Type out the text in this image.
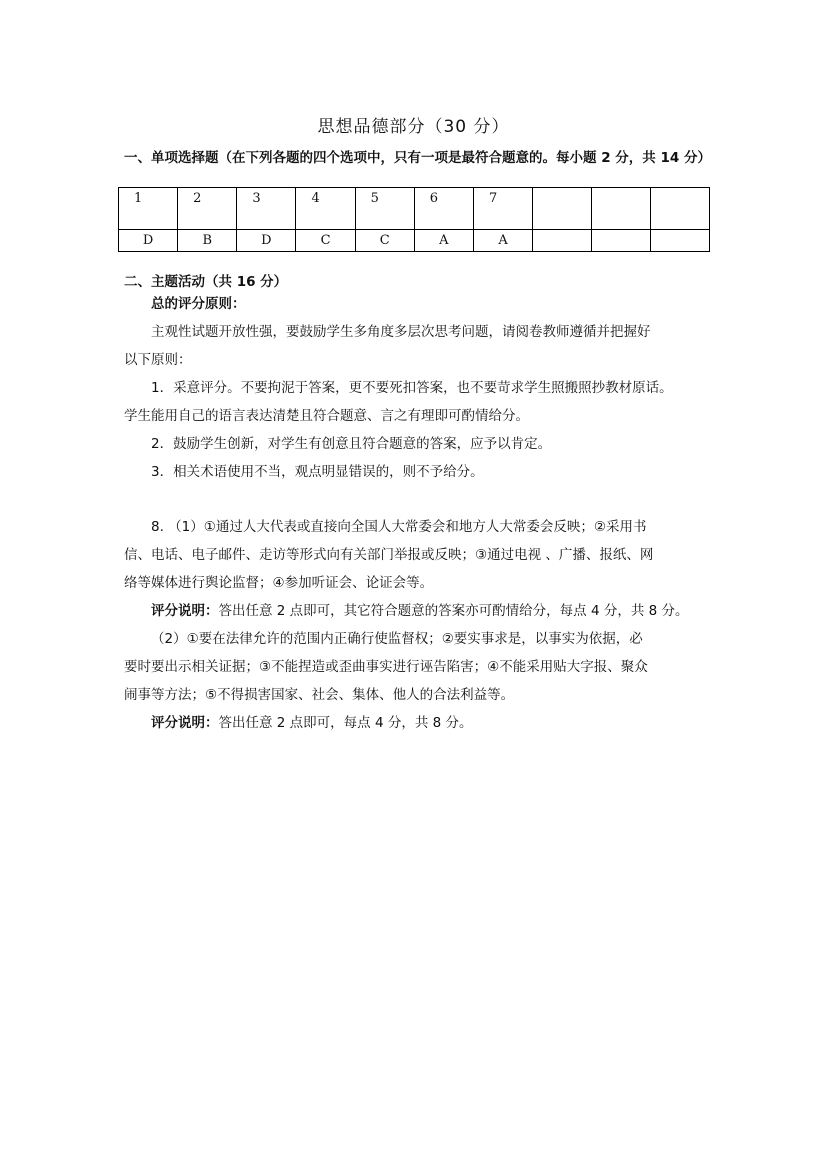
思想品德部分（30 分）
一、单项选择题（在下列各题的四个选项中，只有一项是最符合题意的。每小题 2 分，共 14 分）
1	2	3	4	5	6	7			
D	B	D	C	C	A	A			
二、主题活动（共 16 分）

总的评分原则：

主观性试题开放性强，要鼓励学生多角度多层次思考问题，请阅卷教师遵循并把握好

以下原则：

1．采意评分。不要拘泥于答案，更不要死扣答案，也不要苛求学生照搬照抄教材原话。

学生能用自己的语言表达清楚且符合题意、言之有理即可酌情给分。

2．鼓励学生创新，对学生有创意且符合题意的答案，应予以肯定。

3．相关术语使用不当，观点明显错误的，则不予给分。

8. （1）①通过人大代表或直接向全国人大常委会和地方人大常委会反映；②采用书

信、电话、电子邮件、走访等形式向有关部门举报或反映；③通过电视 、广播、报纸、网

络等媒体进行舆论监督；④参加听证会、论证会等。

评分说明：答出任意 2 点即可，其它符合题意的答案亦可酌情给分，每点 4 分，共 8 分。

（2）①要在法律允许的范围内正确行使监督权；②要实事求是，以事实为依据，必

要时要出示相关证据；③不能捏造或歪曲事实进行诬告陷害；④不能采用贴大字报、聚众

闹事等方法；⑤不得损害国家、社会、集体、他人的合法利益等。

评分说明：答出任意 2 点即可，每点 4 分，共 8 分。
